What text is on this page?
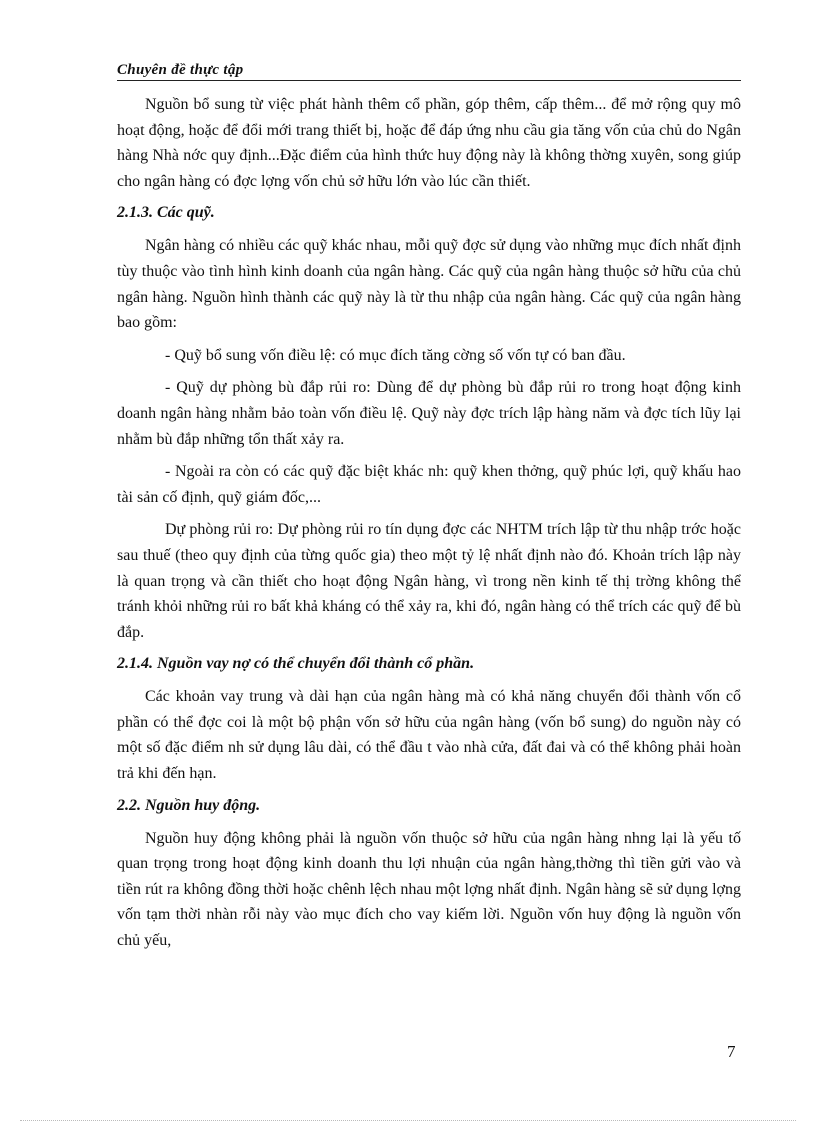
Chuyên đề thực tập

Nguồn bổ sung từ việc phát hành thêm cổ phần, góp thêm, cấp thêm... để mở rộng quy mô hoạt động, hoặc để đổi mới trang thiết bị, hoặc để đáp ứng nhu cầu gia tăng vốn của chủ do Ngân hàng Nhà nớc quy định...Đặc điểm của hình thức huy động này là không thờng xuyên, song giúp cho ngân hàng có đợc lợng vốn chủ sở hữu lớn vào lúc cần thiết.

2.1.3. Các quỹ.

Ngân hàng có nhiều các quỹ khác nhau, mỗi quỹ đợc sử dụng vào những mục đích nhất định tùy thuộc vào tình hình kinh doanh của ngân hàng. Các quỹ của ngân hàng thuộc sở hữu của chủ ngân hàng. Nguồn hình thành các quỹ này là từ thu nhập của ngân hàng. Các quỹ của ngân hàng bao gồm:

- Quỹ bổ sung vốn điều lệ: có mục đích tăng cờng số vốn tự có ban đầu.

- Quỹ dự phòng bù đắp rủi ro: Dùng để dự phòng bù đắp rủi ro trong hoạt động kinh doanh ngân hàng nhằm bảo toàn vốn điều lệ. Quỹ này đợc trích lập hàng năm và đợc tích lũy lại nhằm bù đắp những tổn thất xảy ra.

- Ngoài ra còn có các quỹ đặc biệt khác nh: quỹ khen thởng, quỹ phúc lợi, quỹ khấu hao tài sản cố định, quỹ giám đốc,...

Dự phòng rủi ro: Dự phòng rủi ro tín dụng đợc các NHTM trích lập từ thu nhập trớc hoặc sau thuế (theo quy định của từng quốc gia) theo một tỷ lệ nhất định nào đó. Khoản trích lập này là quan trọng và cần thiết cho hoạt động Ngân hàng, vì trong nền kinh tế thị trờng không thể tránh khỏi những rủi ro bất khả kháng có thể xảy ra, khi đó, ngân hàng có thể trích các quỹ để bù đắp.

2.1.4. Nguồn vay nợ có thể chuyển đổi thành cổ phần.

Các khoản vay trung và dài hạn của ngân hàng mà có khả năng chuyển đổi thành vốn cổ phần có thể đợc coi là một bộ phận vốn sở hữu của ngân hàng (vốn bổ sung) do nguồn này có một số đặc điểm nh sử dụng lâu dài, có thể đầu t vào nhà cửa, đất đai và có thể không phải hoàn trả khi đến hạn.

2.2. Nguồn huy động.

Nguồn huy động không phải là nguồn vốn thuộc sở hữu của ngân hàng nhng lại là yếu tố quan trọng trong hoạt động kinh doanh thu lợi nhuận của ngân hàng,thờng thì tiền gửi vào và tiền rút ra không đồng thời hoặc chênh lệch nhau một lợng nhất định. Ngân hàng sẽ sử dụng lợng vốn tạm thời nhàn rỗi này vào mục đích cho vay kiếm lời. Nguồn vốn huy động là nguồn vốn chủ yếu,

7
